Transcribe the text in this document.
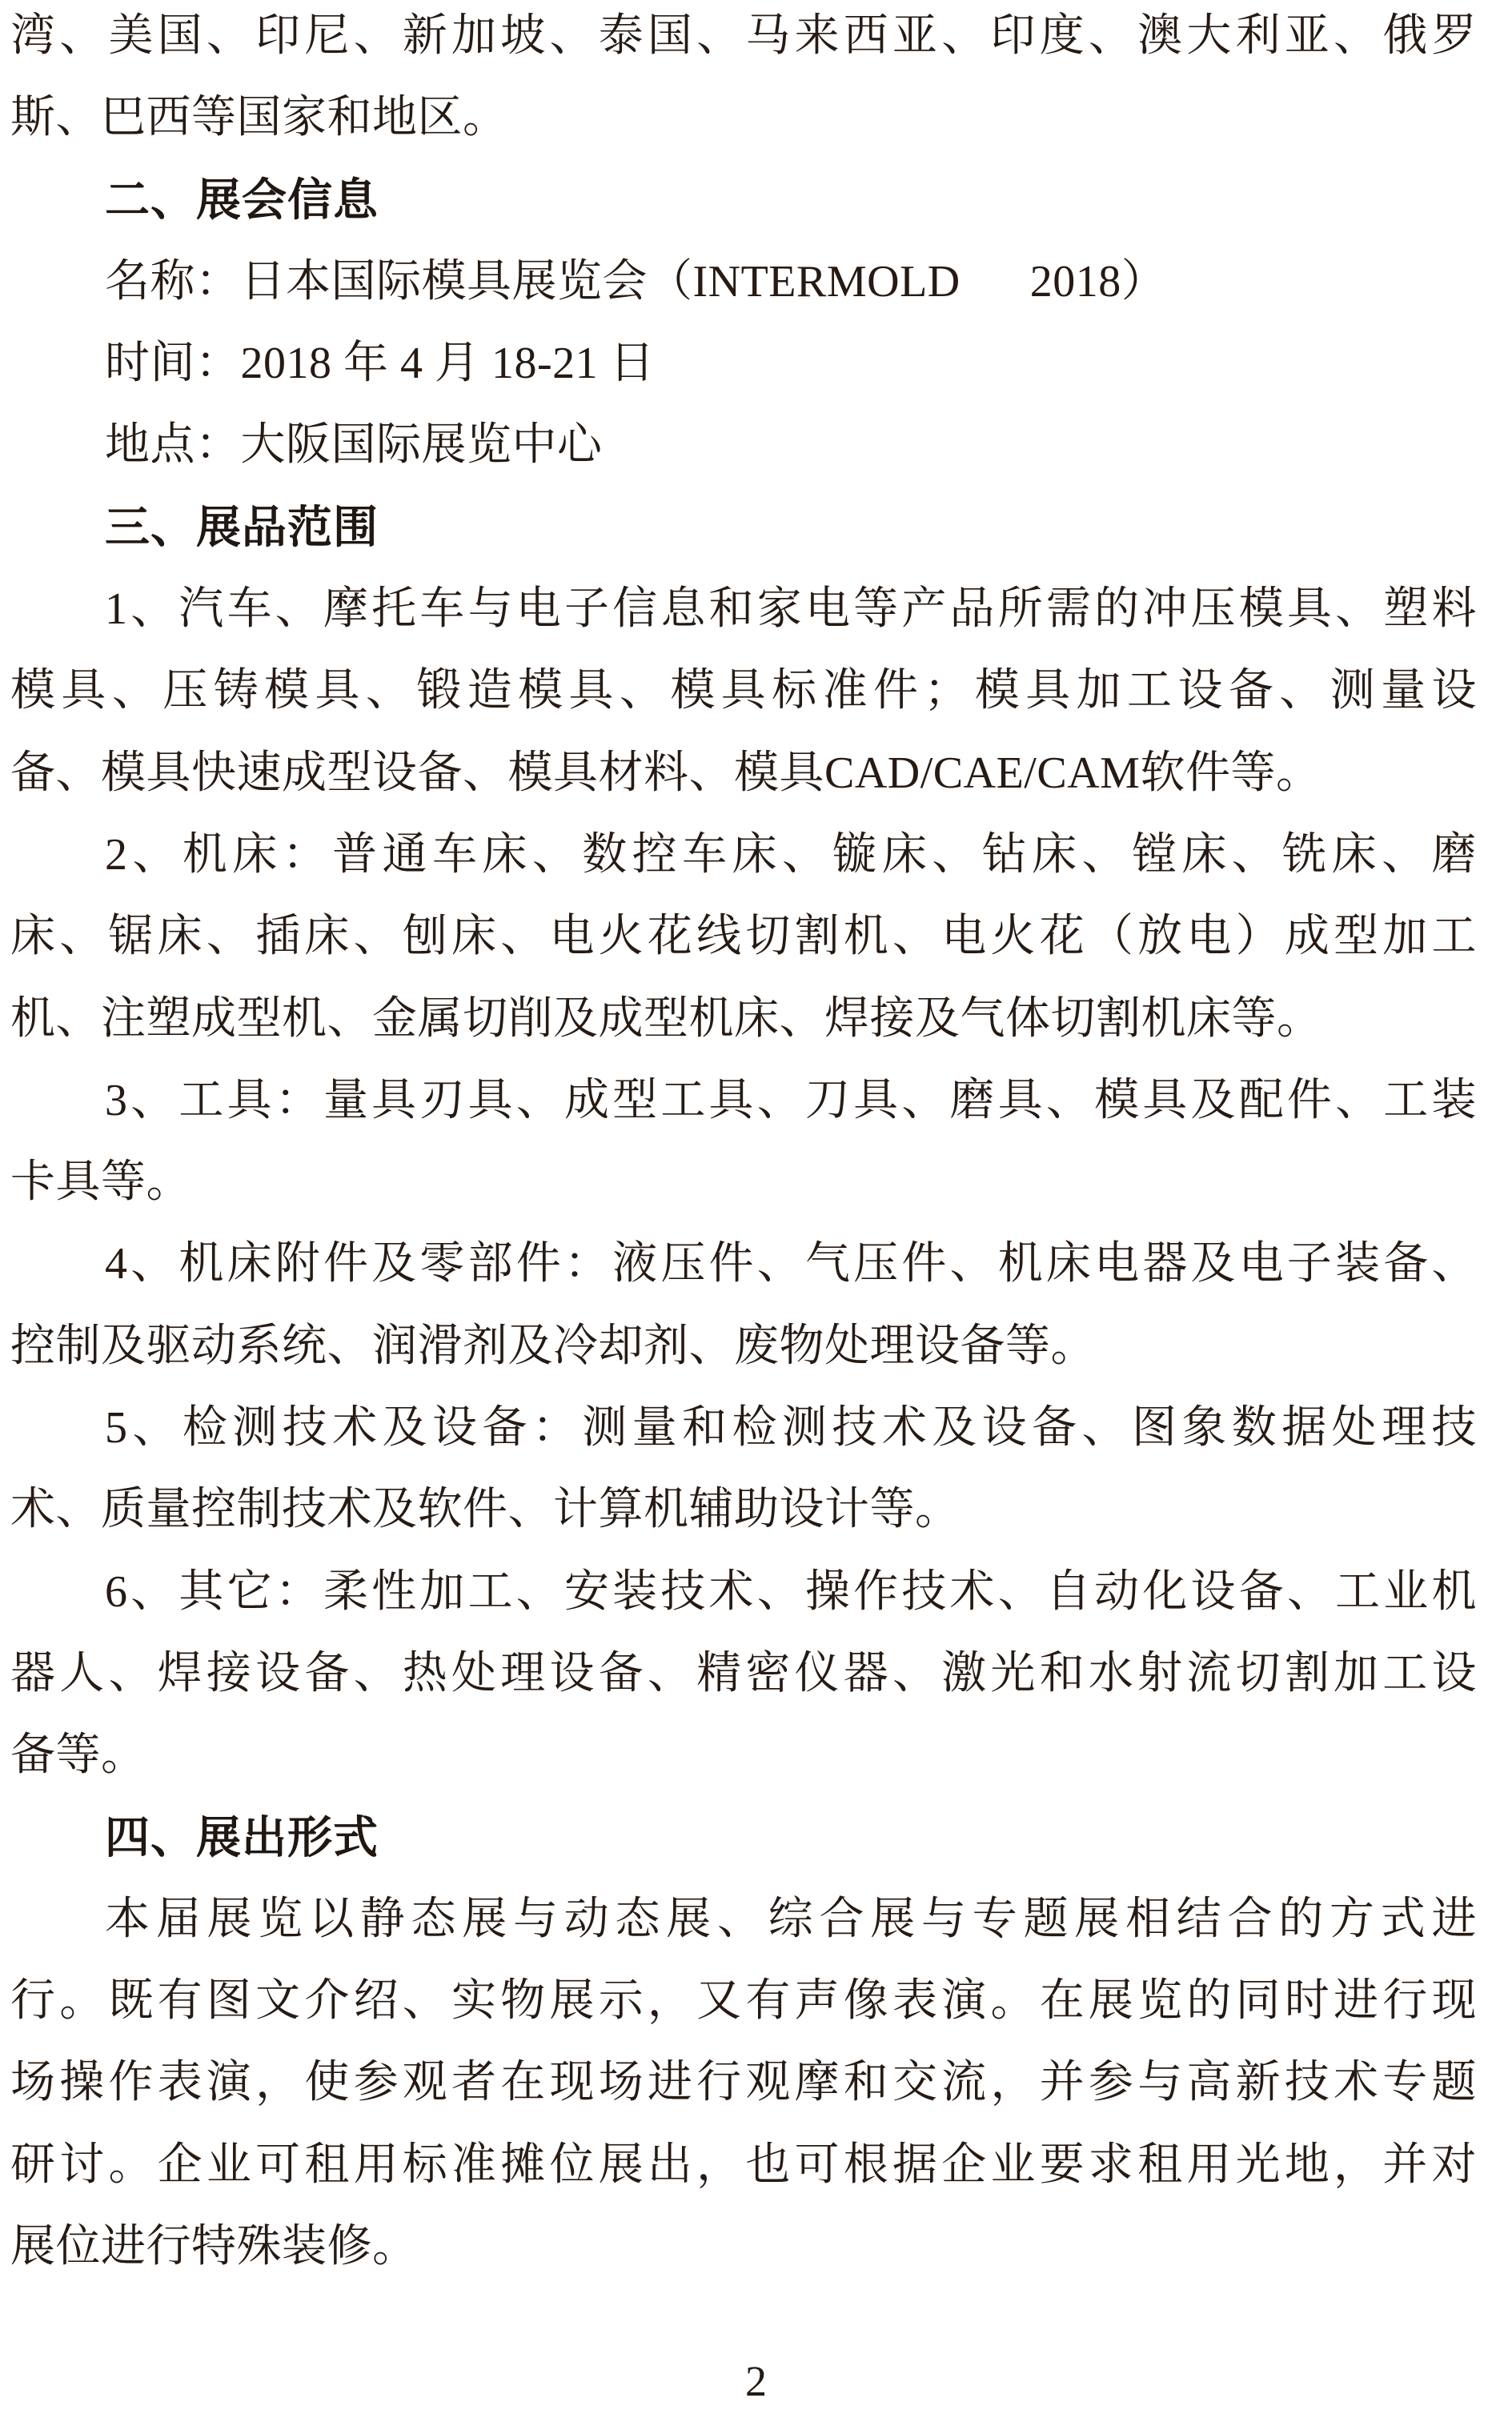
湾、美国、印尼、新加坡、泰国、马来西亚、印度、澳大利亚、俄罗
斯、巴西等国家和地区。
二、展会信息
名称：日本国际模具展览会（INTERMOLD      2018）
时间：2018 年 4 月 18-21 日
地点：大阪国际展览中心
三、展品范围
1、汽车、摩托车与电子信息和家电等产品所需的冲压模具、塑料
模具、压铸模具、锻造模具、模具标准件；模具加工设备、测量设
备、模具快速成型设备、模具材料、模具CAD/CAE/CAM软件等。
2、机床：普通车床、数控车床、镟床、钻床、镗床、铣床、磨
床、锯床、插床、刨床、电火花线切割机、电火花（放电）成型加工
机、注塑成型机、金属切削及成型机床、焊接及气体切割机床等。
3、工具：量具刃具、成型工具、刀具、磨具、模具及配件、工装
卡具等。
4、机床附件及零部件：液压件、气压件、机床电器及电子装备、
控制及驱动系统、润滑剂及冷却剂、废物处理设备等。
5、检测技术及设备：测量和检测技术及设备、图象数据处理技
术、质量控制技术及软件、计算机辅助设计等。
6、其它：柔性加工、安装技术、操作技术、自动化设备、工业机
器人、焊接设备、热处理设备、精密仪器、激光和水射流切割加工设
备等。
四、展出形式
本届展览以静态展与动态展、综合展与专题展相结合的方式进
行。既有图文介绍、实物展示，又有声像表演。在展览的同时进行现
场操作表演，使参观者在现场进行观摩和交流，并参与高新技术专题
研讨。企业可租用标准摊位展出，也可根据企业要求租用光地，并对
展位进行特殊装修。
2
